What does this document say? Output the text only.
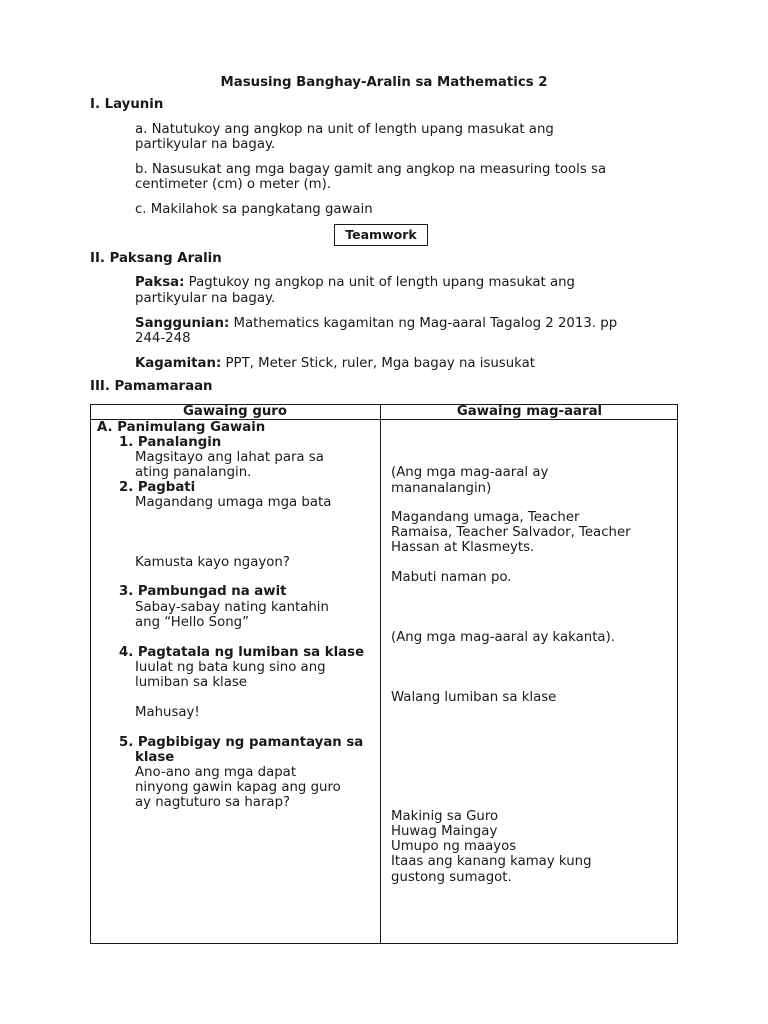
Masusing Banghay-Aralin sa Mathematics 2
I. Layunin
a. Natutukoy ang angkop na unit of length upang masukat ang
partikyular na bagay.
b. Nasusukat ang mga bagay gamit ang angkop na measuring tools sa
centimeter (cm) o meter (m).
c. Makilahok sa pangkatang gawain
Teamwork
II. Paksang Aralin
Paksa: Pagtukoy ng angkop na unit of length upang masukat ang
partikyular na bagay.
Sanggunian: Mathematics kagamitan ng Mag-aaral Tagalog 2 2013. pp
244-248
Kagamitan: PPT, Meter Stick, ruler, Mga bagay na isusukat
III. Pamamaraan
Gawaing guro	Gawaing mag-aaral
A. Panimulang Gawain
1. Panalangin
Magsitayo ang lahat para sa
ating panalangin.
2. Pagbati
Magandang umaga mga bata
Kamusta kayo ngayon?
3. Pambungad na awit
Sabay-sabay nating kantahin
ang “Hello Song”
4. Pagtatala ng lumiban sa klase
Iuulat ng bata kung sino ang
lumiban sa klase
Mahusay!
5. Pagbibigay ng pamantayan sa
klase
Ano-ano ang mga dapat
ninyong gawin kapag ang guro
ay nagtuturo sa harap?
(Ang mga mag-aaral ay
mananalangin)
Magandang umaga, Teacher
Ramaisa, Teacher Salvador, Teacher
Hassan at Klasmeyts.
Mabuti naman po.
(Ang mga mag-aaral ay kakanta).
Walang lumiban sa klase
Makinig sa Guro
Huwag Maingay
Umupo ng maayos
Itaas ang kanang kamay kung
gustong sumagot.
